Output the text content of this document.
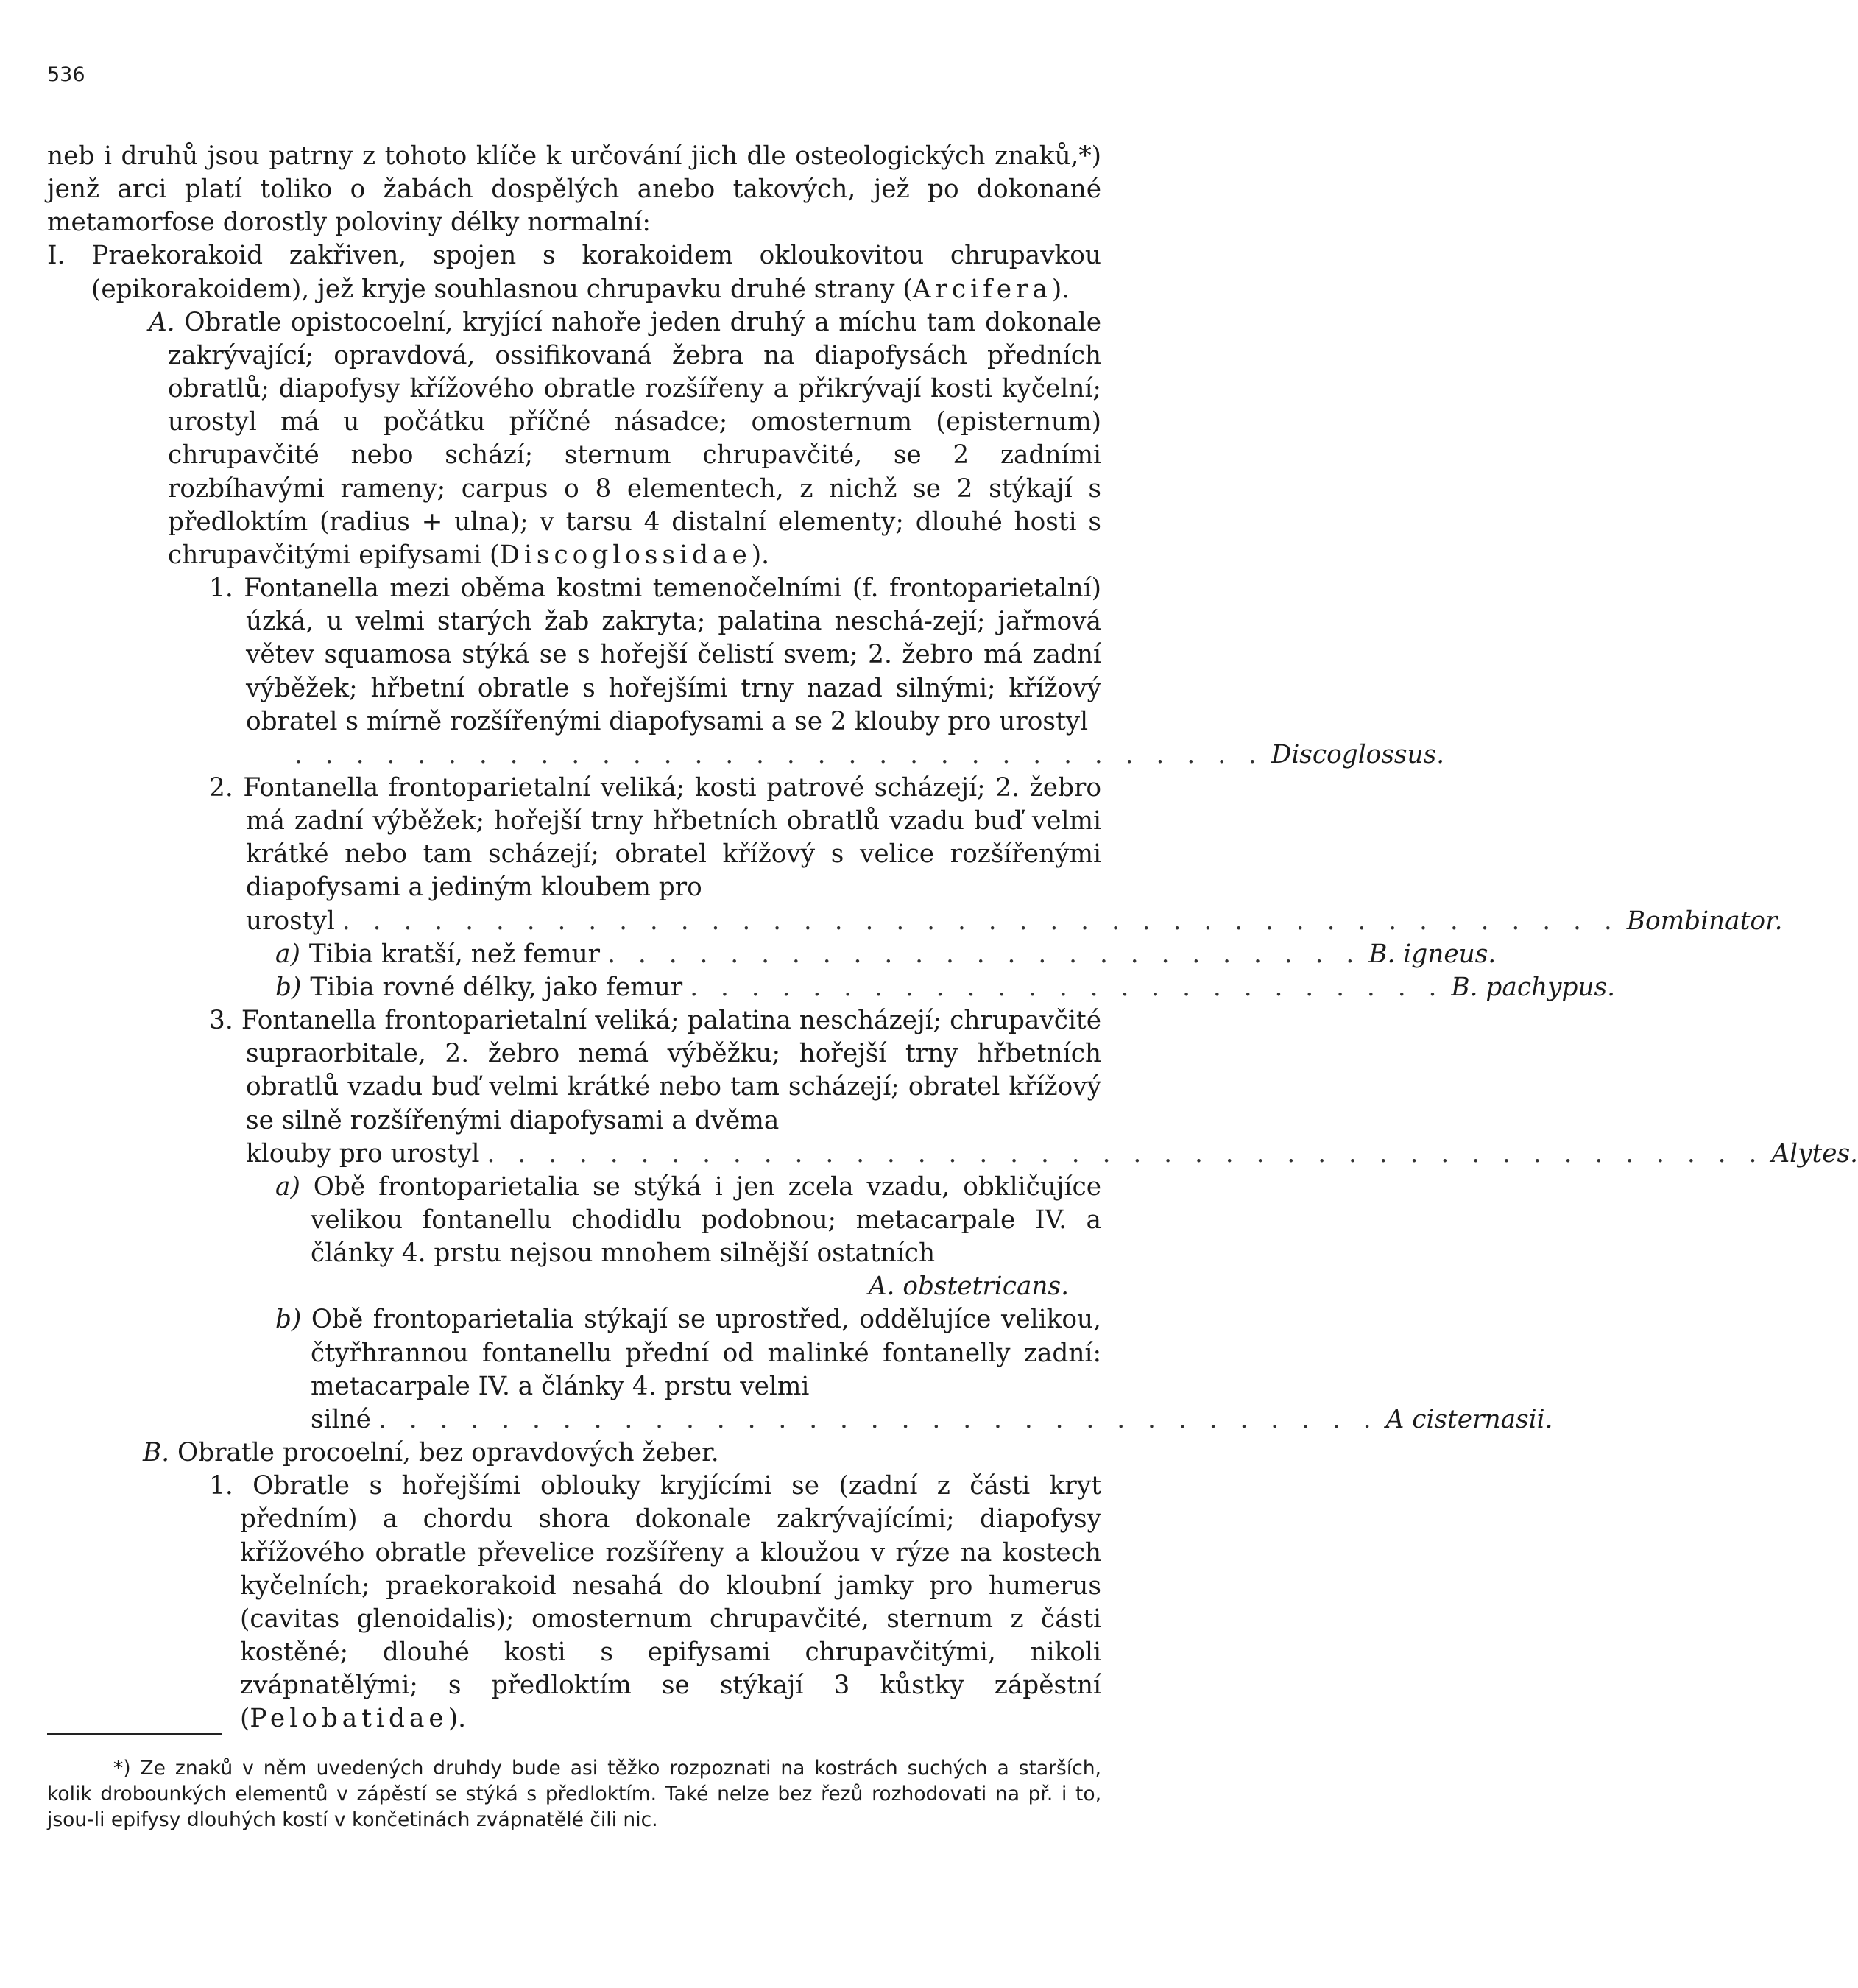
536

neb i druhů jsou patrny z tohoto klíče k určování jich dle osteologických znaků,*) jenž arci platí toliko o žabách dospělých anebo takových, jež po dokonané metamorfose dorostly poloviny délky normalní:

I. Praekorakoid zakřiven, spojen s korakoidem okloukovitou chrupavkou (epikorakoidem), jež kryje souhlasnou chrupavku druhé strany (Arcifera).

A. Obratle opistocoelní, kryjící nahoře jeden druhý a míchu tam dokonale zakrývající; opravdová, ossifikovaná žebra na diapofysách předních obratlů; diapofysy křížového obratle rozšířeny a přikrývají kosti kyčelní; urostyl má u počátku příčné násadce; omosternum (episternum) chrupavčité nebo schází; sternum chrupavčité, se 2 zadními rozbíhavými rameny; carpus o 8 elementech, z nichž se 2 stýkají s předloktím (radius + ulna); v tarsu 4 distalní elementy; dlouhé hosti s chrupavčitými epifysami (Discoglossidae).

1. Fontanella mezi oběma kostmi temenočelními (f. frontoparietalní) úzká, u velmi starých žab zakryta; palatina neschá-zejí; jařmová větev squamosa stýká se s hořejší čelistí svem; 2. žebro má zadní výběžek; hřbetní obratle s hořejšími trny nazad silnými; křížový obratel s mírně rozšířenými diapofysami a se 2 klouby pro urostyl

. . . . . . . . . . . . . . . . . . . . . . . . . . . . . . . . Discoglossus.

2. Fontanella frontoparietalní veliká; kosti patrové scházejí; 2. žebro má zadní výběžek; hořejší trny hřbetních obratlů vzadu buď velmi krátké nebo tam scházejí; obratel křížový s velice rozšířenými diapofysami a jediným kloubem pro

urostyl . . . . . . . . . . . . . . . . . . . . . . . . . . . . . . . . . . . . . . . . . . Bombinator.
a) Tibia kratší, než femur . . . . . . . . . . . . . . . . . . . . . . . . . B. igneus.
b) Tibia rovné délky, jako femur . . . . . . . . . . . . . . . . . . . . . . . . . B. pachypus.

3. Fontanella frontoparietalní veliká; palatina nescházejí; chrupavčité supraorbitale, 2. žebro nemá výběžku; hořejší trny hřbetních obratlů vzadu buď velmi krátké nebo tam scházejí; obratel křížový se silně rozšířenými diapofysami a dvěma

klouby pro urostyl . . . . . . . . . . . . . . . . . . . . . . . . . . . . . . . . . . . . . . . . . . Alytes.

a) Obě frontoparietalia se stýká i jen zcela vzadu, obkličujíce velikou fontanellu chodidlu podobnou; metacarpale IV. a články 4. prstu nejsou mnohem silnější ostatních

A. obstetricans.

b) Obě frontoparietalia stýkají se uprostřed, oddělujíce velikou, čtyřhrannou fontanellu přední od malinké fontanelly zadní: metacarpale IV. a články 4. prstu velmi

silné . . . . . . . . . . . . . . . . . . . . . . . . . . . . . . . . . A cisternasii.

B. Obratle procoelní, bez opravdových žeber.

1. Obratle s hořejšími oblouky kryjícími se (zadní z části kryt předním) a chordu shora dokonale zakrývajícími; diapofysy křížového obratle převelice rozšířeny a kloužou v rýze na kostech kyčelních; praekorakoid nesahá do kloubní jamky pro humerus (cavitas glenoidalis); omosternum chrupavčité, sternum z části kostěné; dlouhé kosti s epifysami chrupavčitými, nikoli zvápnatělými; s předloktím se stýkají 3 kůstky zápěstní (Pelobatidae).

*) Ze znaků v něm uvedených druhdy bude asi těžko rozpoznati na kostrách suchých a starších, kolik drobounkých elementů v zápěstí se stýká s předloktím. Také nelze bez řezů rozhodovati na př. i to, jsou-li epifysy dlouhých kostí v končetinách zvápnatělé čili nic.
